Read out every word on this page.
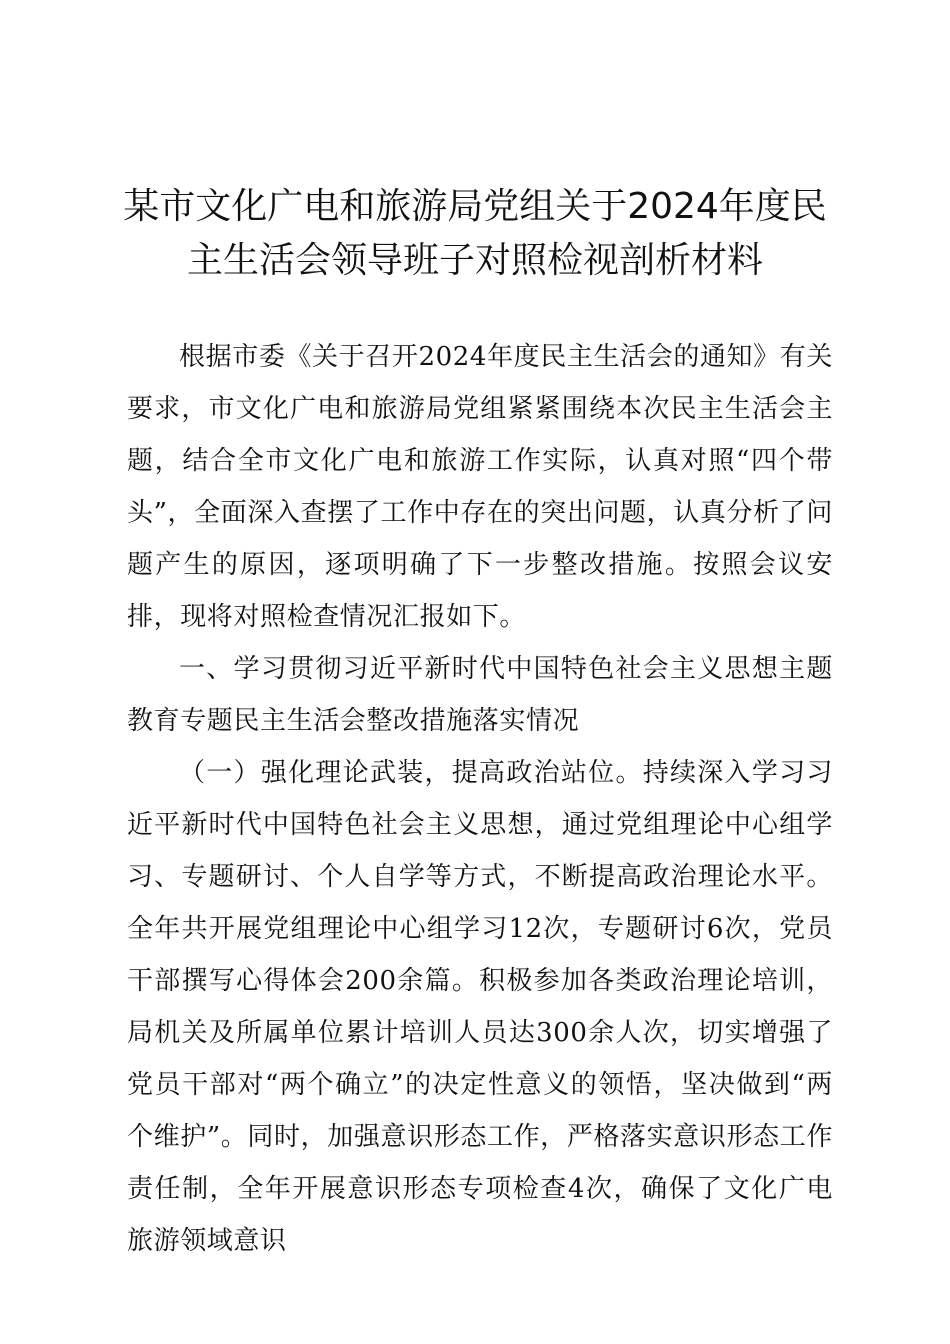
某市文化广电和旅游局党组关于2024年度民
主生活会领导班子对照检视剖析材料

根据市委《关于召开2024年度民主生活会的通知》有关要求，市文化广电和旅游局党组紧紧围绕本次民主生活会主题，结合全市文化广电和旅游工作实际，认真对照“四个带头”，全面深入查摆了工作中存在的突出问题，认真分析了问题产生的原因，逐项明确了下一步整改措施。按照会议安排，现将对照检查情况汇报如下。

一、学习贯彻习近平新时代中国特色社会主义思想主题教育专题民主生活会整改措施落实情况

（一）强化理论武装，提高政治站位。持续深入学习习近平新时代中国特色社会主义思想，通过党组理论中心组学习、专题研讨、个人自学等方式，不断提高政治理论水平。全年共开展党组理论中心组学习12次，专题研讨6次，党员干部撰写心得体会200余篇。积极参加各类政治理论培训，局机关及所属单位累计培训人员达300余人次，切实增强了党员干部对“两个确立”的决定性意义的领悟，坚决做到“两个维护”。同时，加强意识形态工作，严格落实意识形态工作责任制，全年开展意识形态专项检查4次，确保了文化广电旅游领域意识
